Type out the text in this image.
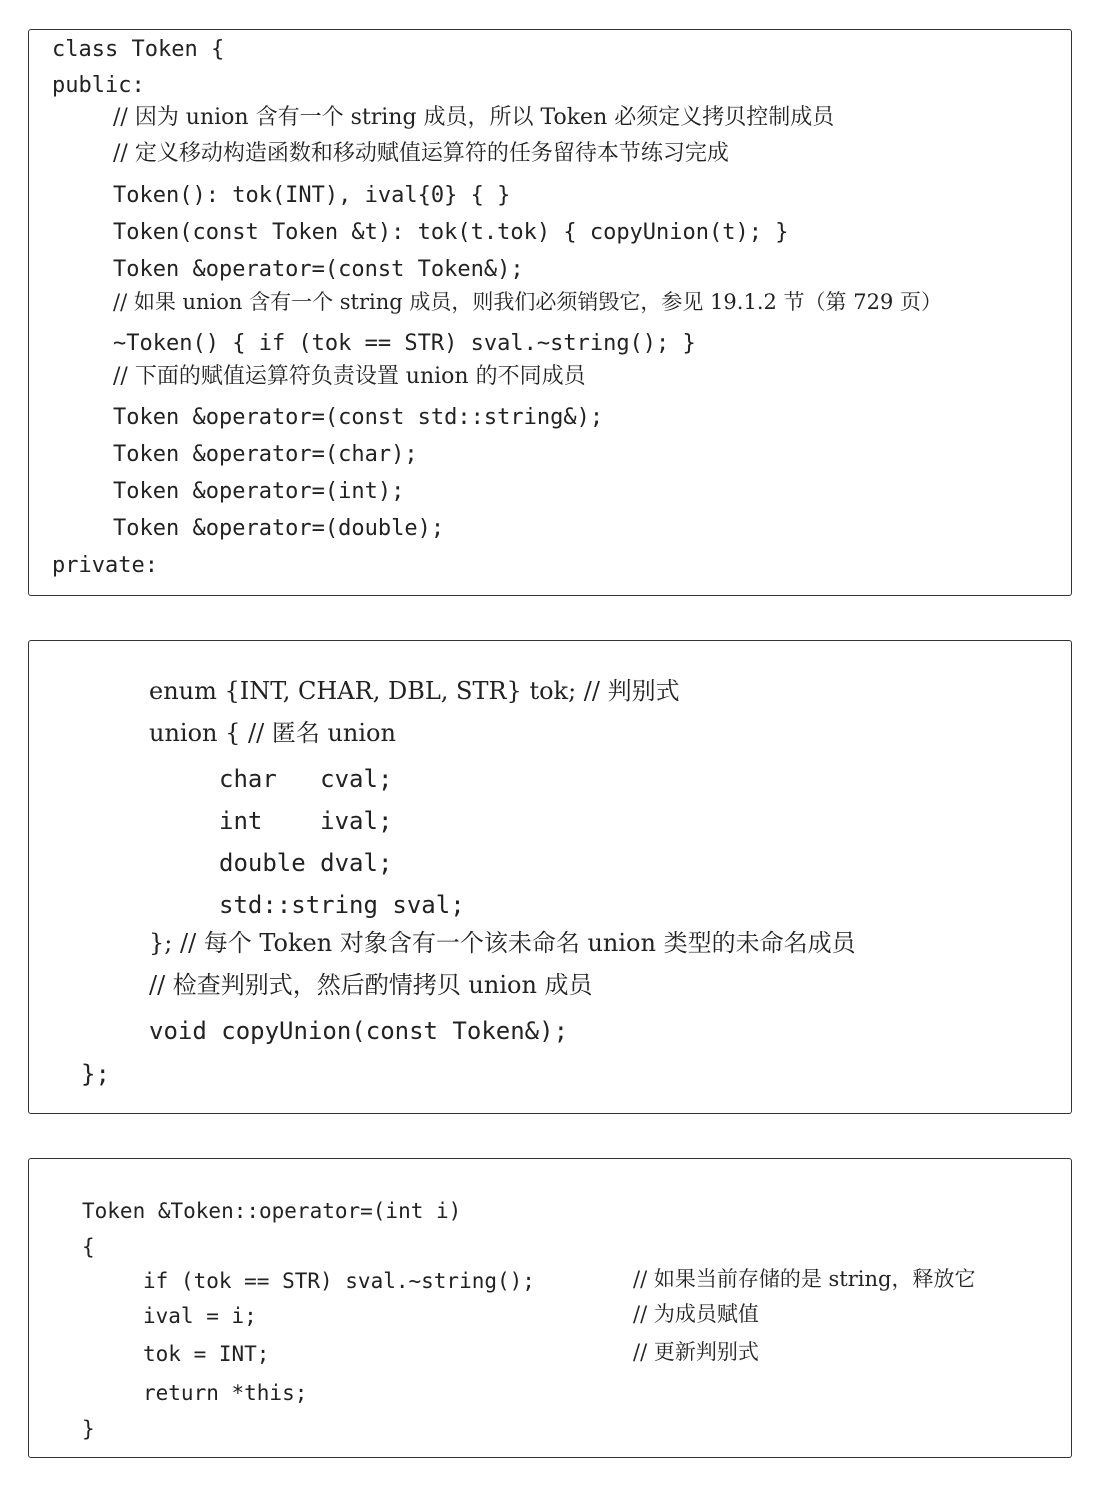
class Token {
public:
// 因为 union 含有一个 string 成员，所以 Token 必须定义拷贝控制成员
// 定义移动构造函数和移动赋值运算符的任务留待本节练习完成
Token(): tok(INT), ival{0} { }
Token(const Token &t): tok(t.tok) { copyUnion(t); }
Token &operator=(const Token&);
// 如果 union 含有一个 string 成员，则我们必须销毁它，参见 19.1.2 节（第 729 页）
~Token() { if (tok == STR) sval.~string(); }
// 下面的赋值运算符负责设置 union 的不同成员
Token &operator=(const std::string&);
Token &operator=(char);
Token &operator=(int);
Token &operator=(double);
private:
enum {INT, CHAR, DBL, STR} tok; // 判别式
union { // 匿名 union
char   cval;
int    ival;
double dval;
std::string sval;
}; // 每个 Token 对象含有一个该未命名 union 类型的未命名成员
// 检查判别式，然后酌情拷贝 union 成员
void copyUnion(const Token&);
};
Token &Token::operator=(int i)
{
if (tok == STR) sval.~string();	// 如果当前存储的是 string，释放它
ival = i;	// 为成员赋值
tok = INT;	// 更新判别式
return *this;
}
